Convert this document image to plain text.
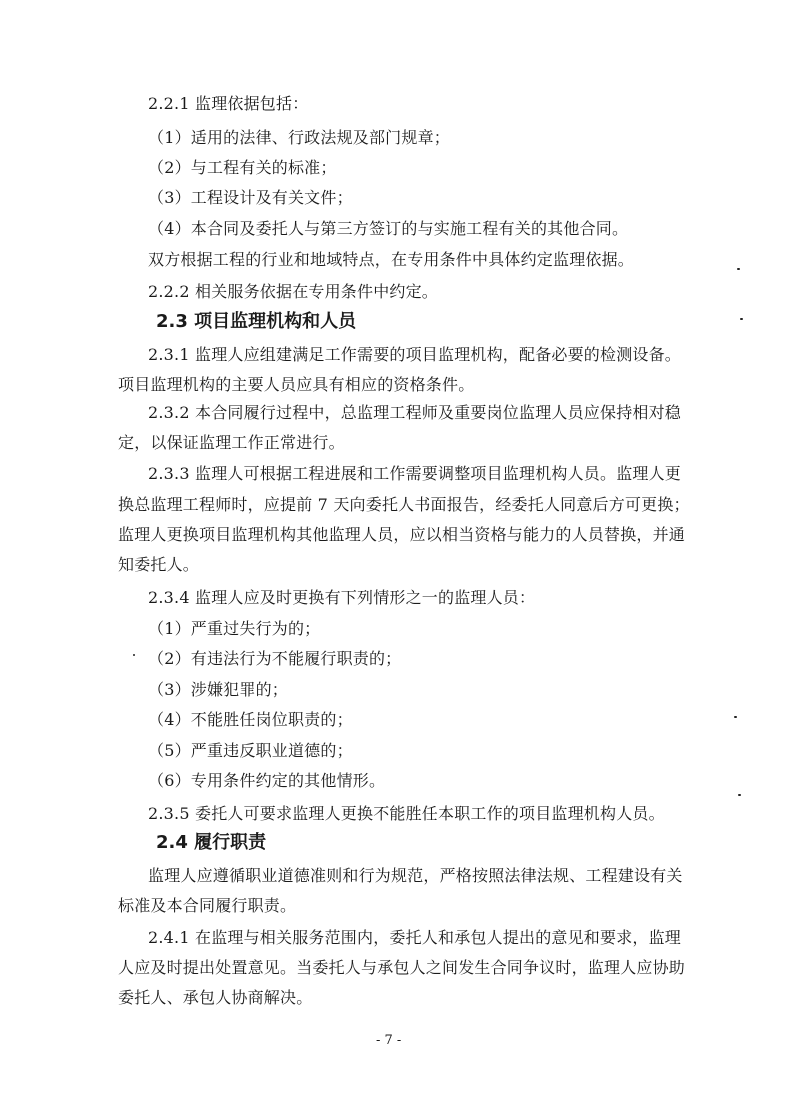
2.2.1 监理依据包括：
（1）适用的法律、行政法规及部门规章；
（2）与工程有关的标准；
（3）工程设计及有关文件；
（4）本合同及委托人与第三方签订的与实施工程有关的其他合同。
双方根据工程的行业和地域特点，在专用条件中具体约定监理依据。
2.2.2 相关服务依据在专用条件中约定。
2.3 项目监理机构和人员
2.3.1 监理人应组建满足工作需要的项目监理机构，配备必要的检测设备。
项目监理机构的主要人员应具有相应的资格条件。
2.3.2 本合同履行过程中，总监理工程师及重要岗位监理人员应保持相对稳
定，以保证监理工作正常进行。
2.3.3 监理人可根据工程进展和工作需要调整项目监理机构人员。监理人更
换总监理工程师时，应提前 7 天向委托人书面报告，经委托人同意后方可更换；
监理人更换项目监理机构其他监理人员，应以相当资格与能力的人员替换，并通
知委托人。
2.3.4 监理人应及时更换有下列情形之一的监理人员：
（1）严重过失行为的；
（2）有违法行为不能履行职责的；
（3）涉嫌犯罪的；
（4）不能胜任岗位职责的；
（5）严重违反职业道德的；
（6）专用条件约定的其他情形。
2.3.5 委托人可要求监理人更换不能胜任本职工作的项目监理机构人员。
2.4 履行职责
监理人应遵循职业道德准则和行为规范，严格按照法律法规、工程建设有关
标准及本合同履行职责。
2.4.1 在监理与相关服务范围内，委托人和承包人提出的意见和要求，监理
人应及时提出处置意见。当委托人与承包人之间发生合同争议时，监理人应协助
委托人、承包人协商解决。
- 7 -
